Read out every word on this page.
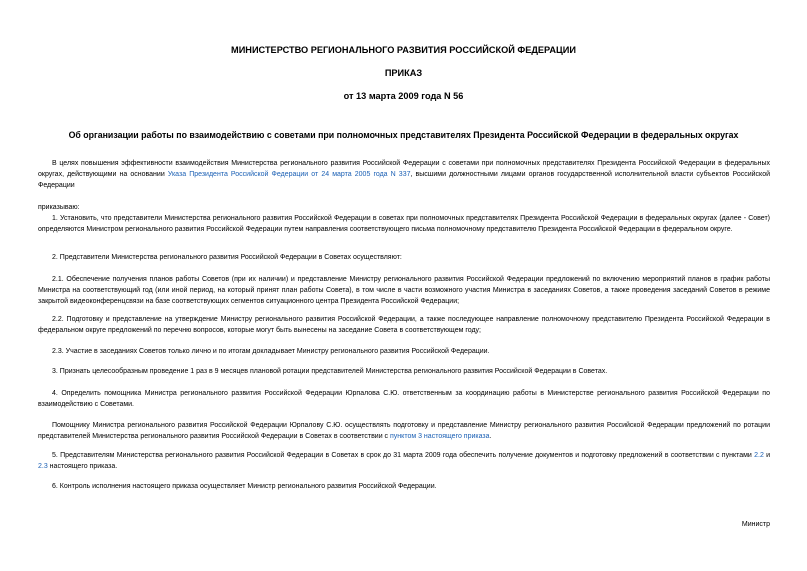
МИНИСТЕРСТВО РЕГИОНАЛЬНОГО РАЗВИТИЯ РОССИЙСКОЙ ФЕДЕРАЦИИ
ПРИКАЗ
от 13 марта 2009 года N 56
Об организации работы по взаимодействию с советами при полномочных представителях Президента Российской Федерации в федеральных округах
В целях повышения эффективности взаимодействия Министерства регионального развития Российской Федерации с советами при полномочных представителях Президента Российской Федерации в федеральных округах, действующими на основании Указа Президента Российской Федерации от 24 марта 2005 года N 337, высшими должностными лицами органов государственной исполнительной власти субъектов Российской Федерации
приказываю:
1. Установить, что представители Министерства регионального развития Российской Федерации в советах при полномочных представителях Президента Российской Федерации в федеральных округах (далее - Совет) определяются Министром регионального развития Российской Федерации путем направления соответствующего письма полномочному представителю Президента Российской Федерации в федеральном округе.
2. Представители Министерства регионального развития Российской Федерации в Советах осуществляют:
2.1. Обеспечение получения планов работы Советов (при их наличии) и представление Министру регионального развития Российской Федерации предложений по включению мероприятий планов в график работы Министра на соответствующий год (или иной период, на который принят план работы Совета), в том числе в части возможного участия Министра в заседаниях Советов, а также проведения заседаний Советов в режиме закрытой видеоконференцсвязи на базе соответствующих сегментов ситуационного центра Президента Российской Федерации;
2.2. Подготовку и представление на утверждение Министру регионального развития Российской Федерации, а также последующее направление полномочному представителю Президента Российской Федерации в федеральном округе предложений по перечню вопросов, которые могут быть вынесены на заседание Совета в соответствующем году;
2.3. Участие в заседаниях Советов только лично и по итогам докладывает Министру регионального развития Российской Федерации.
3. Признать целесообразным проведение 1 раз в 9 месяцев плановой ротации представителей Министерства регионального развития Российской Федерации в Советах.
4. Определить помощника Министра регионального развития Российской Федерации Юрпалова С.Ю. ответственным за координацию работы в Министерстве регионального развития Российской Федерации по взаимодействию с Советами.
Помощнику Министра регионального развития Российской Федерации Юрпалову С.Ю. осуществлять подготовку и представление Министру регионального развития Российской Федерации предложений по ротации представителей Министерства регионального развития Российской Федерации в Советах в соответствии с пунктом 3 настоящего приказа.
5. Представителям Министерства регионального развития Российской Федерации в Советах в срок до 31 марта 2009 года обеспечить получение документов и подготовку предложений в соответствии с пунктами 2.2 и 2.3 настоящего приказа.
6. Контроль исполнения настоящего приказа осуществляет Министр регионального развития Российской Федерации.
Министр
